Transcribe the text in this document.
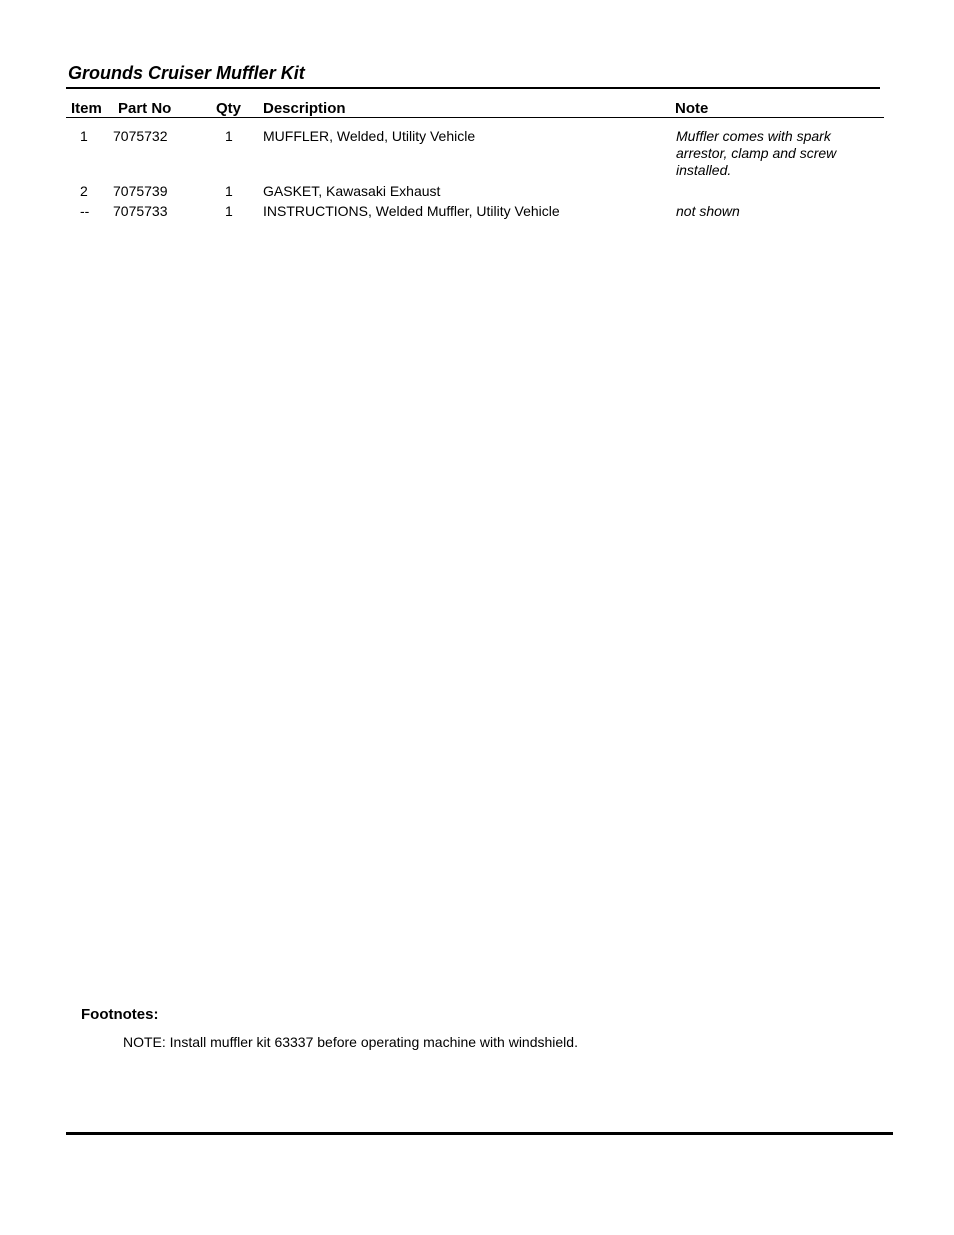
Grounds Cruiser Muffler Kit
Item Part No	Qty Description	Note
1 7075732	1 MUFFLER, Welded, Utility Vehicle	Muffler comes with spark arrestor, clamp and screw installed.
2 7075739	1 GASKET, Kawasaki Exhaust
-- 7075733	1 INSTRUCTIONS, Welded Muffler, Utility Vehicle	not shown
Footnotes:
NOTE: Install muffler kit 63337 before operating machine with windshield.
